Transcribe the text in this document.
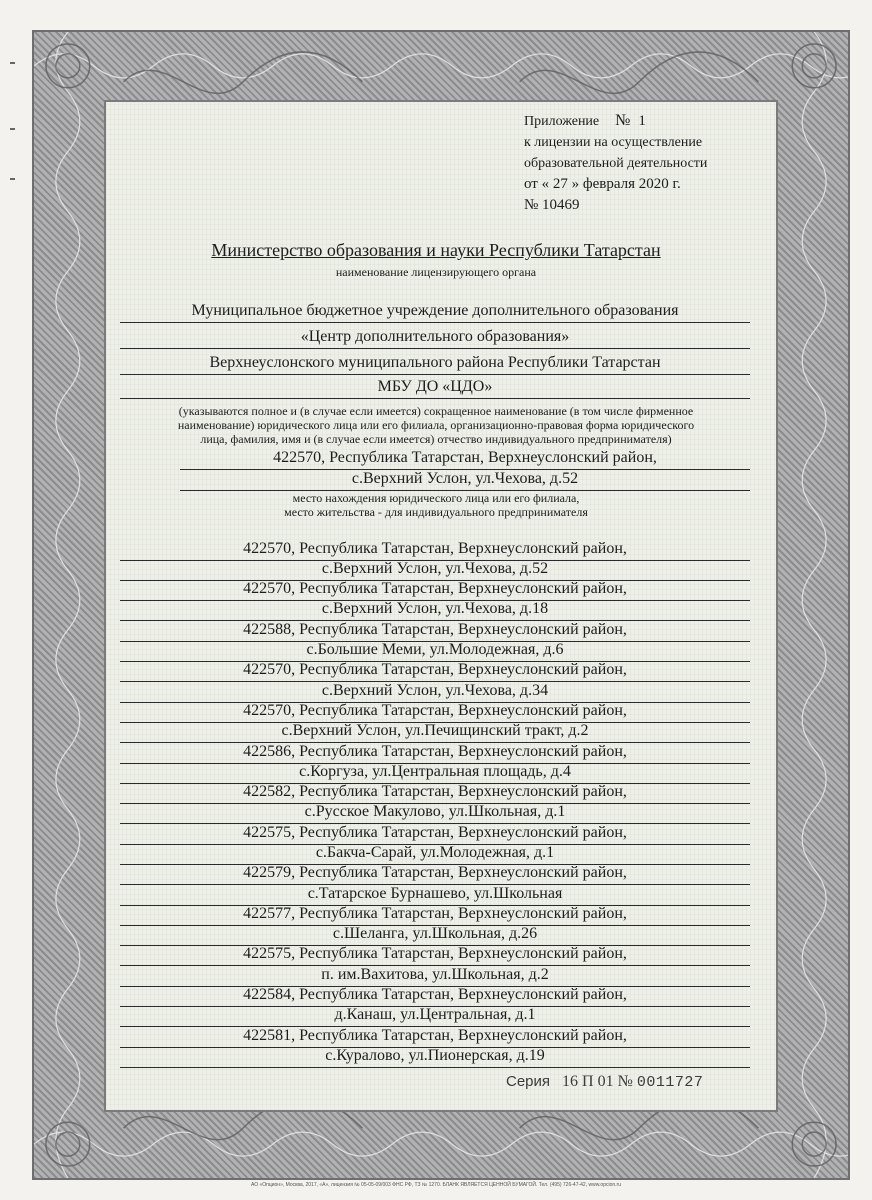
Приложение № 1
к лицензии на осуществление
образовательной деятельности
от « 27 » февраля 2020 г.
№ 10469
Министерство образования и науки Республики Татарстан
наименование лицензирующего органа
Муниципальное бюджетное учреждение дополнительного образования
«Центр дополнительного образования»
Верхнеуслонского муниципального района Республики Татарстан
МБУ ДО «ЦДО»
(указываются полное и (в случае если имеется) сокращенное наименование (в том числе фирменное
наименование) юридического лица или его филиала, организационно-правовая форма юридического
лица, фамилия, имя и (в случае если имеется) отчество индивидуального предпринимателя)
422570, Республика Татарстан, Верхнеуслонский район,
с.Верхний Услон, ул.Чехова, д.52
место нахождения юридического лица или его филиала,
место жительства - для индивидуального предпринимателя
422570, Республика Татарстан, Верхнеуслонский район,
с.Верхний Услон, ул.Чехова, д.52
422570, Республика Татарстан, Верхнеуслонский район,
с.Верхний Услон, ул.Чехова, д.18
422588, Республика Татарстан, Верхнеуслонский район,
с.Большие Меми, ул.Молодежная, д.6
422570, Республика Татарстан, Верхнеуслонский район,
с.Верхний Услон, ул.Чехова, д.34
422570, Республика Татарстан, Верхнеуслонский район,
с.Верхний Услон, ул.Печищинский тракт, д.2
422586, Республика Татарстан, Верхнеуслонский район,
с.Коргуза, ул.Центральная площадь, д.4
422582, Республика Татарстан, Верхнеуслонский район,
с.Русское Макулово, ул.Школьная, д.1
422575, Республика Татарстан, Верхнеуслонский район,
с.Бакча-Сарай, ул.Молодежная, д.1
422579, Республика Татарстан, Верхнеуслонский район,
с.Татарское Бурнашево, ул.Школьная
422577, Республика Татарстан, Верхнеуслонский район,
с.Шеланга, ул.Школьная, д.26
422575, Республика Татарстан, Верхнеуслонский район,
п. им.Вахитова, ул.Школьная, д.2
422584, Республика Татарстан, Верхнеуслонский район,
д.Канаш, ул.Центральная, д.1
422581, Республика Татарстан, Верхнеуслонский район,
с.Куралово, ул.Пионерская, д.19
Серия 16 П 01 № 0011727
АО «Опцион», Москва, 2017, «А», лицензия № 05-05-09/003 ФНС РФ, ТЗ № 1270. БЛАНК ЯВЛЯЕТСЯ ЦЕННОЙ БУМАГОЙ. Тел. (495) 726-47-42, www.opcion.ru
